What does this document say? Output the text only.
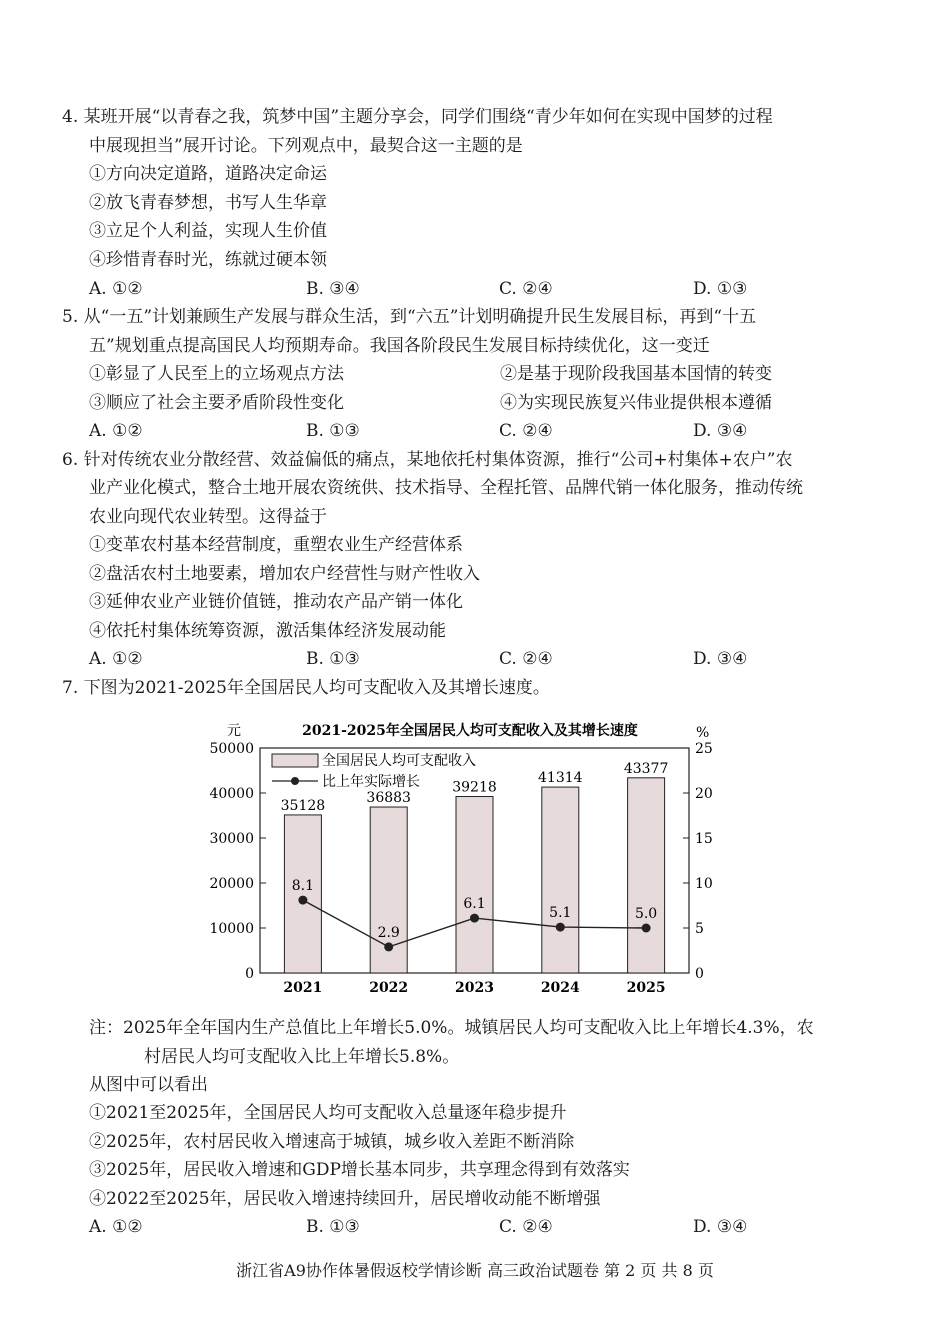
4. 某班开展“以青春之我，筑梦中国”主题分享会，同学们围绕“青少年如何在实现中国梦的过程
中展现担当”展开讨论。下列观点中，最契合这一主题的是
①方向决定道路，道路决定命运
②放飞青春梦想，书写人生华章
③立足个人利益，实现人生价值
④珍惜青春时光，练就过硬本领
A. ①②	B. ③④	C. ②④	D. ①③
5. 从“一五”计划兼顾生产发展与群众生活，到“六五”计划明确提升民生发展目标，再到“十五
五”规划重点提高国民人均预期寿命。我国各阶段民生发展目标持续优化，这一变迁
①彰显了人民至上的立场观点方法	②是基于现阶段我国基本国情的转变
③顺应了社会主要矛盾阶段性变化	④为实现民族复兴伟业提供根本遵循
A. ①②	B. ①③	C. ②④	D. ③④
6. 针对传统农业分散经营、效益偏低的痛点，某地依托村集体资源，推行“公司+村集体+农户”农
业产业化模式，整合土地开展农资统供、技术指导、全程托管、品牌代销一体化服务，推动传统
农业向现代农业转型。这得益于
①变革农村基本经营制度，重塑农业生产经营体系
②盘活农村土地要素，增加农户经营性与财产性收入
③延伸农业产业链价值链，推动农产品产销一体化
④依托村集体统筹资源，激活集体经济发展动能
A. ①②	B. ①③	C. ②④	D. ③④
7. 下图为2021-2025年全国居民人均可支配收入及其增长速度。
2021-2025年全国居民人均可支配收入及其增长速度
元	%
0
10000
20000
30000
40000
50000
0
5
10
15
20
25
35128
2021
36883
2022
39218
2023
41314
2024
43377
2025
8.1
2.9
6.1
5.1	5.0
全国居民人均可支配收入
比上年实际增长
注：2025年全年国内生产总值比上年增长5.0%。城镇居民人均可支配收入比上年增长4.3%，农
村居民人均可支配收入比上年增长5.8%。
从图中可以看出
①2021至2025年，全国居民人均可支配收入总量逐年稳步提升
②2025年，农村居民收入增速高于城镇，城乡收入差距不断消除
③2025年，居民收入增速和GDP增长基本同步，共享理念得到有效落实
④2022至2025年，居民收入增速持续回升，居民增收动能不断增强
A. ①②	B. ①③	C. ②④	D. ③④
浙江省A9协作体暑假返校学情诊断 高三政治试题卷 第 2 页 共 8 页
